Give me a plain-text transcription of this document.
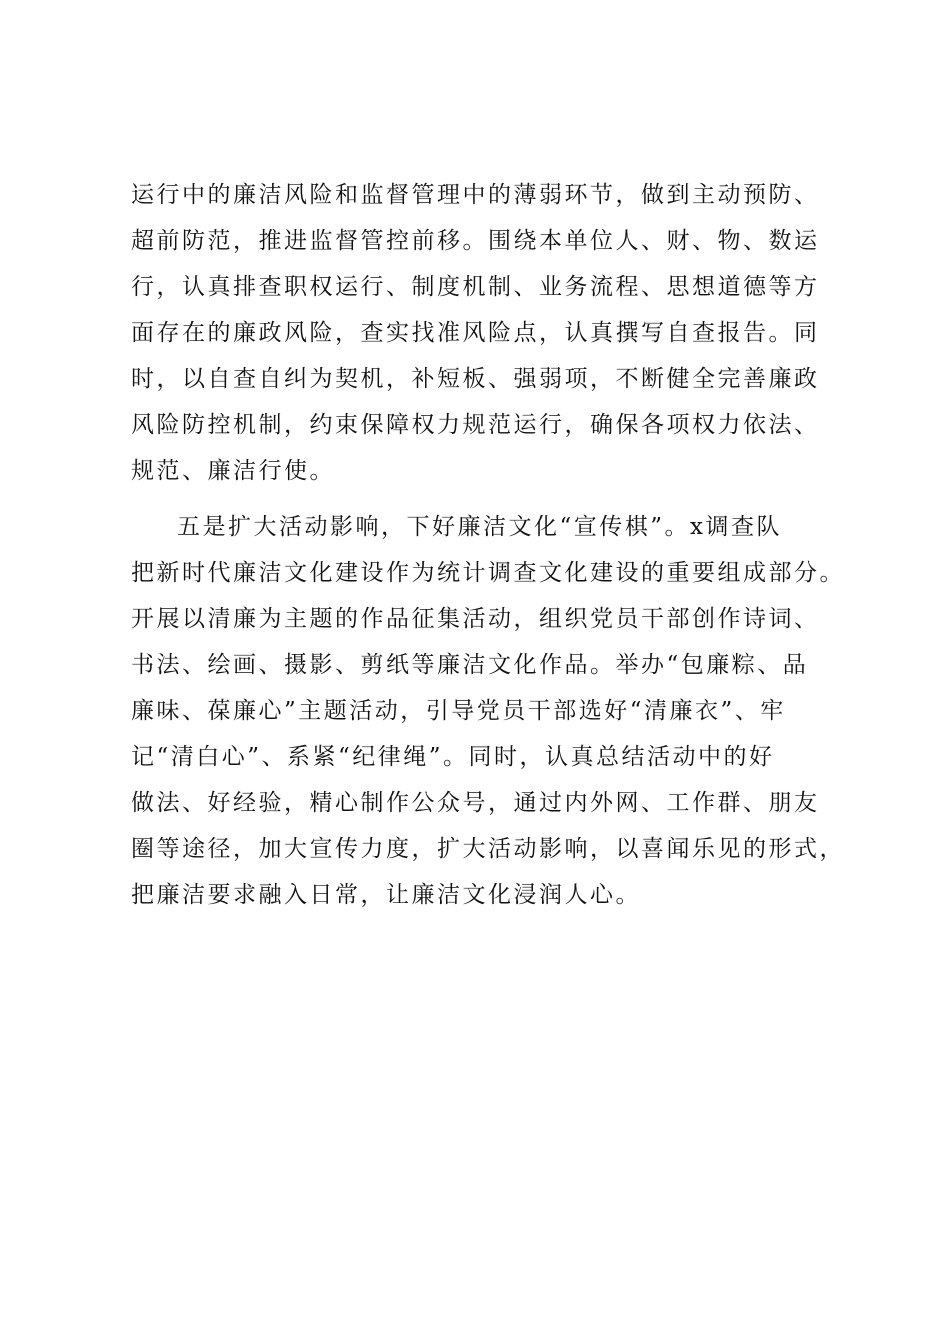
运行中的廉洁风险和监督管理中的薄弱环节，做到主动预防、
超前防范，推进监督管控前移。围绕本单位人、财、物、数运
行，认真排查职权运行、制度机制、业务流程、思想道德等方
面存在的廉政风险，查实找准风险点，认真撰写自查报告。同
时，以自查自纠为契机，补短板、强弱项，不断健全完善廉政
风险防控机制，约束保障权力规范运行，确保各项权力依法、
规范、廉洁行使。
五是扩大活动影响，下好廉洁文化“宣传棋”。x调查队
把新时代廉洁文化建设作为统计调查文化建设的重要组成部分。
开展以清廉为主题的作品征集活动，组织党员干部创作诗词、
书法、绘画、摄影、剪纸等廉洁文化作品。举办“包廉粽、品
廉味、葆廉心”主题活动，引导党员干部选好“清廉衣”、牢
记“清白心”、系紧“纪律绳”。同时，认真总结活动中的好
做法、好经验，精心制作公众号，通过内外网、工作群、朋友
圈等途径，加大宣传力度，扩大活动影响，以喜闻乐见的形式，
把廉洁要求融入日常，让廉洁文化浸润人心。
